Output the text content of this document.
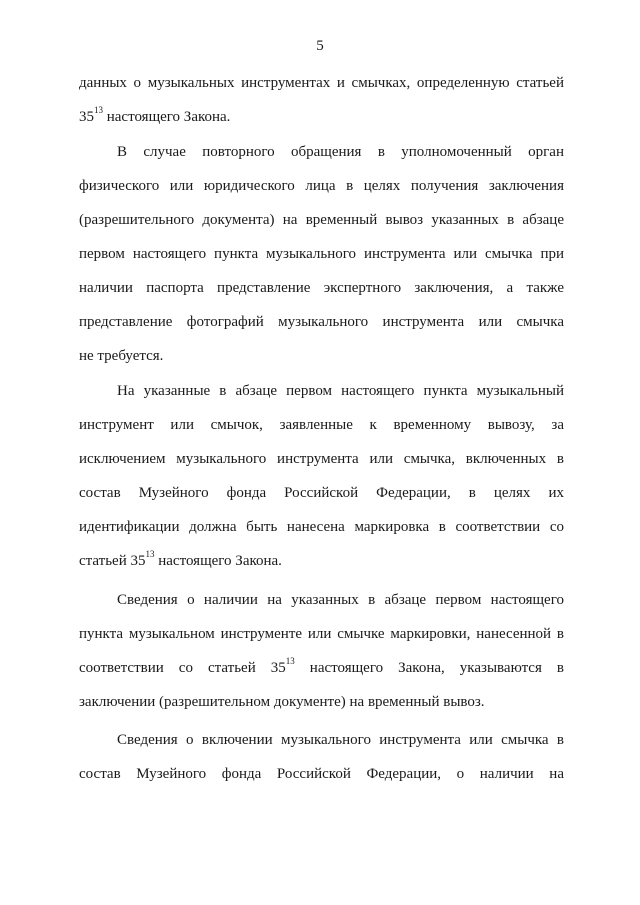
5
данных о музыкальных инструментах и смычках, определенную статьей
$35^{13}$ настоящего Закона.
В случае повторного обращения в уполномоченный орган
физического или юридического лица в целях получения заключения
(разрешительного документа) на временный вывоз указанных в абзаце
первом настоящего пункта музыкального инструмента или смычка при
наличии паспорта представление экспертного заключения, а также
представление фотографий музыкального инструмента или смычка
не требуется.
На указанные в абзаце первом настоящего пункта музыкальный
инструмент или смычок, заявленные к временному вывозу, за
исключением музыкального инструмента или смычка, включенных в
состав Музейного фонда Российской Федерации, в целях их
идентификации должна быть нанесена маркировка в соответствии со
статьей $35^{13}$ настоящего Закона.
Сведения о наличии на указанных в абзаце первом настоящего
пункта музыкальном инструменте или смычке маркировки, нанесенной в
соответствии со статьей $35^{13}$ настоящего Закона, указываются в
заключении (разрешительном документе) на временный вывоз.
Сведения о включении музыкального инструмента или смычка в
состав Музейного фонда Российской Федерации, о наличии на
